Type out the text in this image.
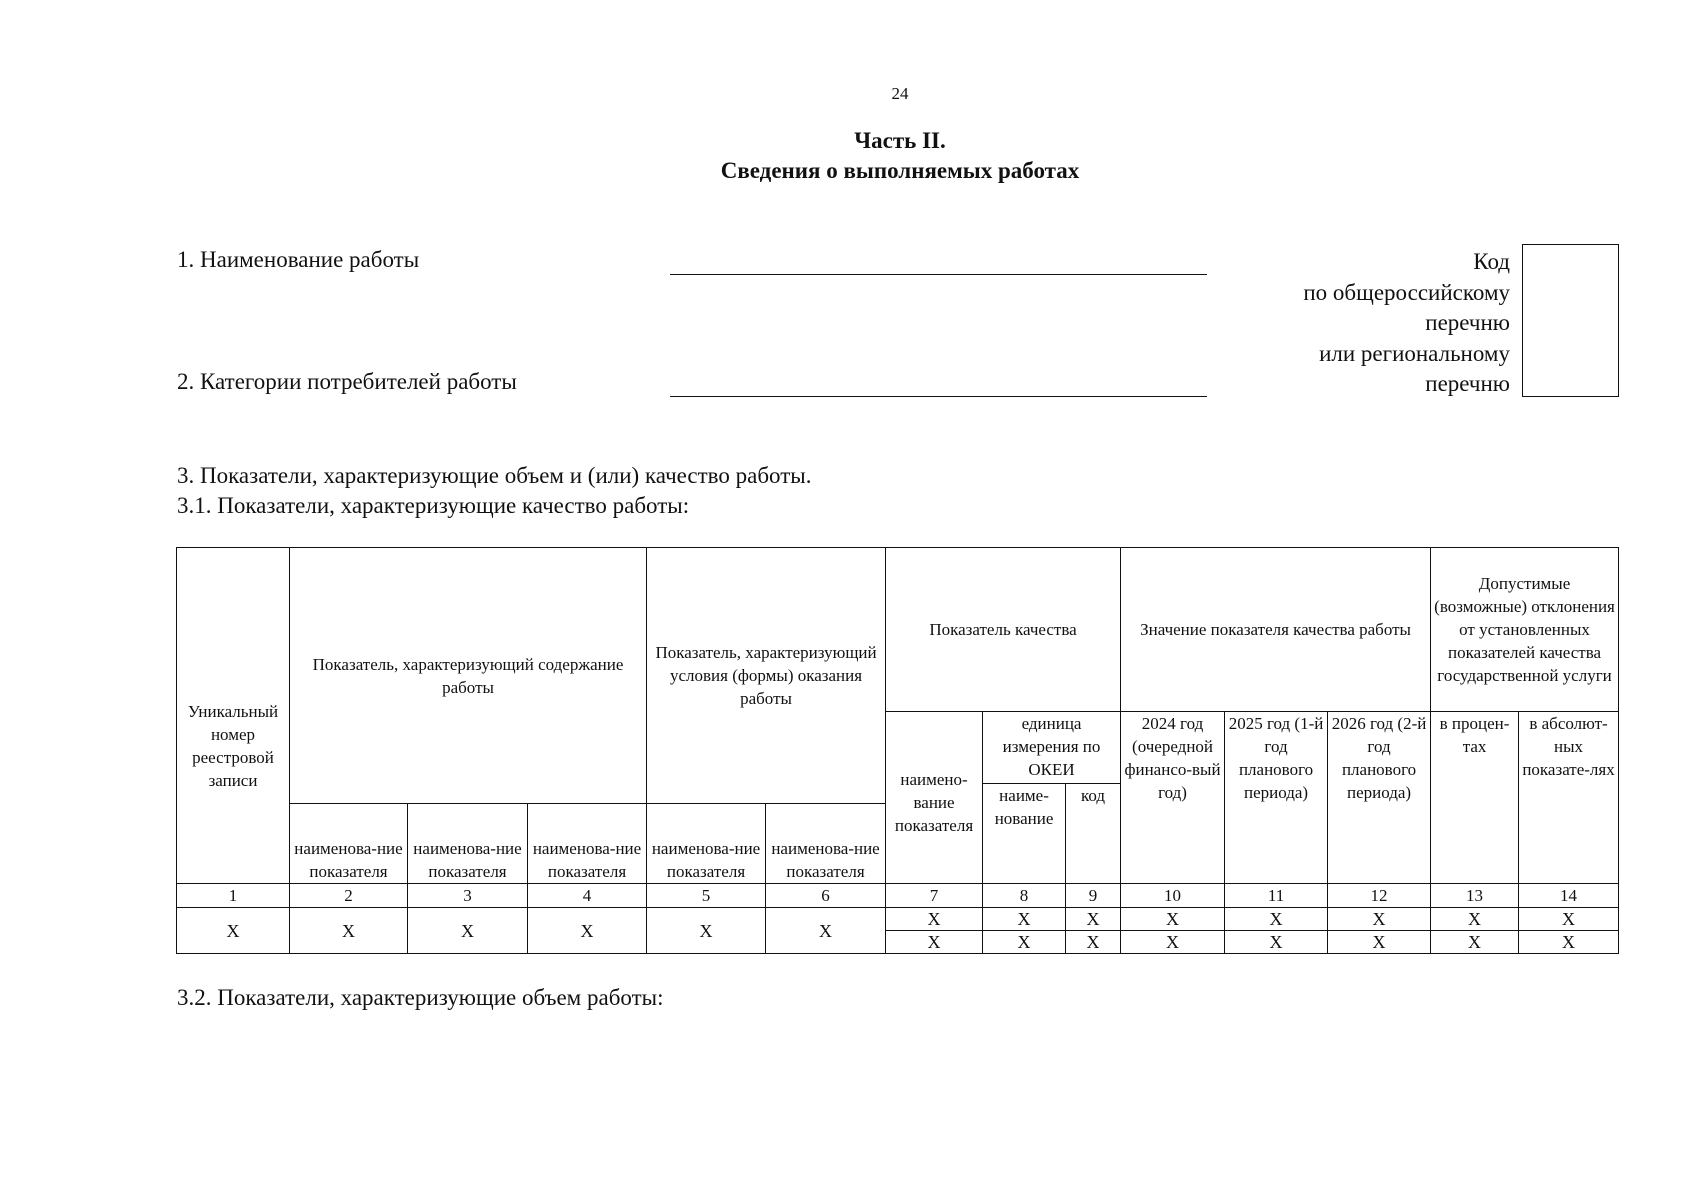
24
Часть II.
Сведения о выполняемых работах
1. Наименование работы
2. Категории потребителей работы
Код
по общероссийскому
перечню
или региональному
перечню
3. Показатели, характеризующие объем и (или) качество работы.
3.1. Показатели, характеризующие качество работы:
Уникальный номер реестровой записи	Показатель, характеризующий содержание работы			Показатель, характеризующий условия (формы) оказания работы		Показатель качества			Значение показателя качества работы			Допустимые (возможные) отклонения от установленных показателей качества государственной услуги	
						наимено-вание показателя	единица измерения по ОКЕИ		2024 год (очередной финансо-вый год)	2025 год (1-й год планового периода)	2026 год (2-й год планового периода)	в процен-тах	в абсолют-ных показате-лях
							наиме-нование	код					
	наименова-ние показателя	наименова-ние показателя	наименова-ние показателя	наименова-ние показателя	наименова-ние показателя								
1	2	3	4	5	6	7	8	9	10	11	12	13	14
X	X	X	X	X	X	X	X	X	X	X	X	X	X
						X	X	X	X	X	X	X	X
3.2. Показатели, характеризующие объем работы:
